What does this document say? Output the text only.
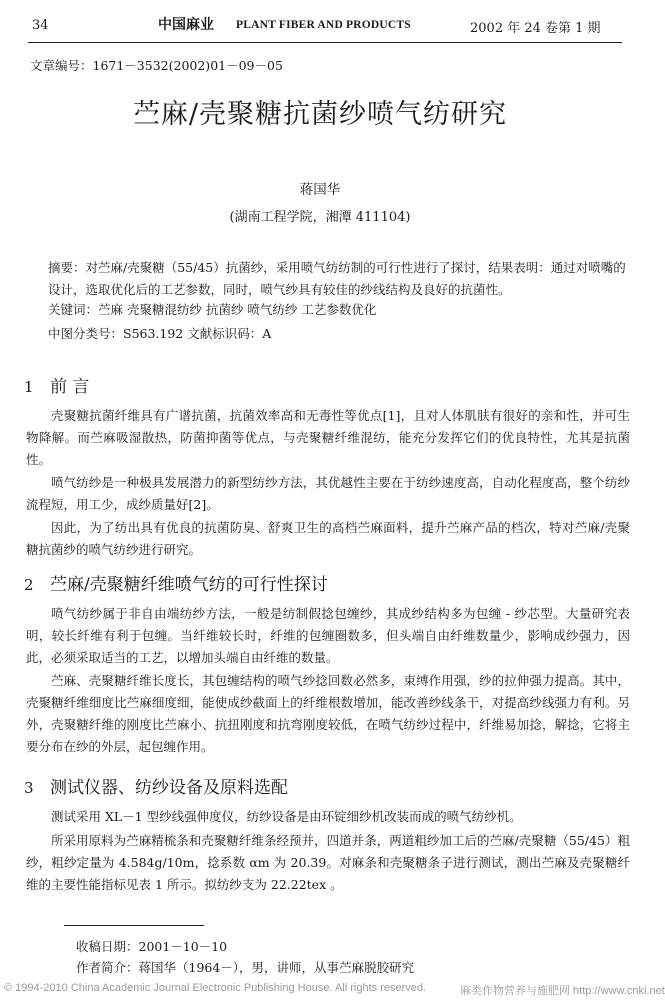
34	中国麻业 PLANT FIBER AND PRODUCTS	2002 年 24 卷第 1 期
文章编号：1671－3532(2002)01－09－05
苎麻/壳聚糖抗菌纱喷气纺研究
蒋国华
(湖南工程学院，湘潭 411104)
摘要：对苎麻/壳聚糖（55/45）抗菌纱，采用喷气纺纺制的可行性进行了探讨，结果表明：通过对喷嘴的设计，选取优化后的工艺参数，同时，喷气纱具有较佳的纱线结构及良好的抗菌性。
关键词：苎麻 壳聚糖混纺纱 抗菌纱 喷气纺纱 工艺参数优化
中图分类号：S563.192 文献标识码：A
1 前 言
壳聚糖抗菌纤维具有广谱抗菌，抗菌效率高和无毒性等优点[1]，且对人体肌肤有很好的亲和性，并可生物降解。而苎麻吸湿散热，防菌抑菌等优点，与壳聚糖纤维混纺，能充分发挥它们的优良特性，尤其是抗菌性。
喷气纺纱是一种极具发展潜力的新型纺纱方法，其优越性主要在于纺纱速度高，自动化程度高，整个纺纱流程短，用工少，成纱质量好[2]。
因此，为了纺出具有优良的抗菌防臭、舒爽卫生的高档苎麻面料，提升苎麻产品的档次，特对苎麻/壳聚糖抗菌纱的喷气纺纱进行研究。
2 苎麻/壳聚糖纤维喷气纺的可行性探讨
喷气纺纱属于非自由端纺纱方法，一般是纺制假捻包缠纱，其成纱结构多为包缠 - 纱芯型。大量研究表明，较长纤维有利于包缠。当纤维较长时，纤维的包缠圈数多，但头端自由纤维数量少，影响成纱强力，因此，必须采取适当的工艺，以增加头端自由纤维的数量。
苎麻、壳聚糖纤维长度长，其包缠结构的喷气纱捻回数必然多，束缚作用强，纱的拉伸强力提高。其中，壳聚糖纤维细度比苎麻细度细，能使成纱截面上的纤维根数增加，能改善纱线条干，对提高纱线强力有利。另外，壳聚糖纤维的刚度比苎麻小、抗扭刚度和抗弯刚度较低，在喷气纺纱过程中，纤维易加捻，解捻，它将主要分布在纱的外层，起包缠作用。
3 测试仪器、纺纱设备及原料选配
测试采用 XL－1 型纱线强伸度仪，纺纱设备是由环锭细纱机改装而成的喷气纺纱机。
所采用原料为苎麻精梳条和壳聚糖纤维条经预并，四道并条，两道粗纱加工后的苎麻/壳聚糖（55/45）粗纱，粗纱定量为 4.584g/10m，捻系数 αm 为 20.39。对麻条和壳聚糖条子进行测试，测出苎麻及壳聚糖纤维的主要性能指标见表 1 所示。拟纺纱支为 22.22tex 。
收稿日期：2001－10－10
作者简介：蒋国华（1964－），男，讲师，从事苎麻脱胶研究
© 1994-2010 China Academic Journal Electronic Publishing House. All rights reserved.	麻类作物营养与施肥网 http://www.cnki.net
